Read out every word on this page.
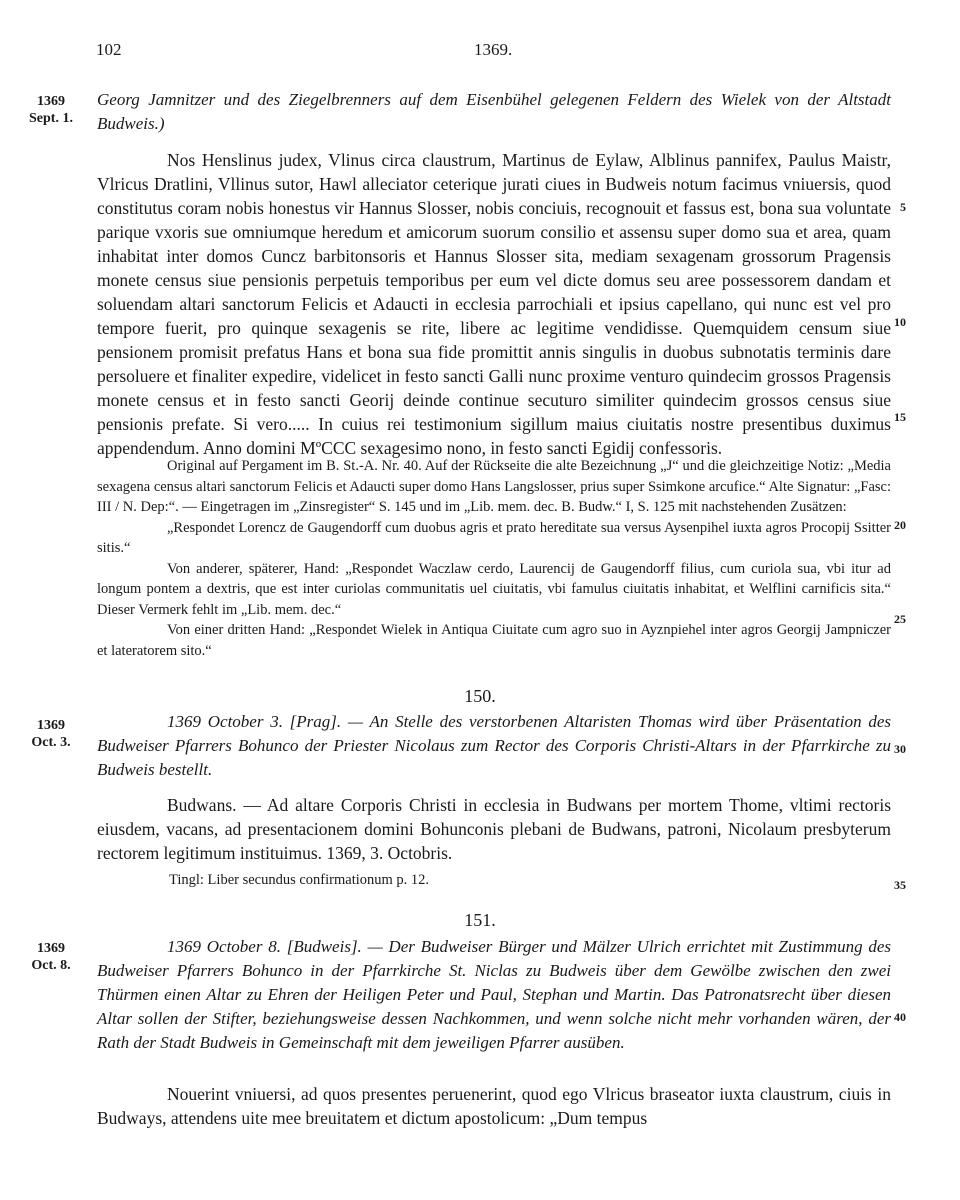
102	1369.
1369
Sept. 1.
1369
Oct. 3.
1369
Oct. 8.
5
10
15
20
25
30
35
40
Georg Jamnitzer und des Ziegelbrenners auf dem Eisenbühel gelegenen Feldern des Wielek von der Altstadt Budweis.)
Nos Henslinus judex, Vlinus circa claustrum, Martinus de Eylaw, Alblinus pannifex, Paulus Maistr, Vlricus Dratlini, Vllinus sutor, Hawl alleciator ceterique jurati ciues in Budweis notum facimus vniuersis, quod constitutus coram nobis honestus vir Hannus Slosser, nobis conciuis, recognouit et fassus est, bona sua voluntate parique vxoris sue omniumque heredum et amicorum suorum consilio et assensu super domo sua et area, quam inhabitat inter domos Cuncz barbitonsoris et Hannus Slosser sita, mediam sexagenam grossorum Pragensis monete census siue pensionis perpetuis temporibus per eum vel dicte domus seu aree possessorem dandam et soluendam altari sanctorum Felicis et Adaucti in ecclesia parrochiali et ipsius capellano, qui nunc est vel pro tempore fuerit, pro quinque sexagenis se rite, libere ac legitime vendidisse. Quemquidem censum siue pensionem promisit prefatus Hans et bona sua fide promittit annis singulis in duobus subnotatis terminis dare persoluere et finaliter expedire, videlicet in festo sancti Galli nunc proxime venturo quindecim grossos Pragensis monete census et in festo sancti Georij deinde continue secuturo similiter quindecim grossos census siue pensionis prefate. Si vero..... In cuius rei testimonium sigillum maius ciuitatis nostre presentibus duximus appendendum. Anno domini MºCCC sexagesimo nono, in festo sancti Egidij confessoris.

Original auf Pergament im B. St.-A. Nr. 40. Auf der Rückseite die alte Bezeichnung „J“ und die gleichzeitige Notiz: „Media sexagena census altari sanctorum Felicis et Adaucti super domo Hans Langslosser, prius super Ssimkone arcufice.“ Alte Signatur: „Fasc: III / N. Dep:“. — Eingetragen im „Zinsregister“ S. 145 und im „Lib. mem. dec. B. Budw.“ I, S. 125 mit nachstehenden Zusätzen:

„Respondet Lorencz de Gaugendorff cum duobus agris et prato hereditate sua versus Aysenpihel iuxta agros Procopij Ssitter sitis.“

Von anderer, späterer, Hand: „Respondet Waczlaw cerdo, Laurencij de Gaugendorff filius, cum curiola sua, vbi itur ad longum pontem a dextris, que est inter curiolas communitatis uel ciuitatis, vbi famulus ciuitatis inhabitat, et Welflini carnificis sita.“ Dieser Vermerk fehlt im „Lib. mem. dec.“

Von einer dritten Hand: „Respondet Wielek in Antiqua Ciuitate cum agro suo in Ayznpiehel inter agros Georgij Jampniczer et lateratorem sito.“

150.
1369 October 3. [Prag]. — An Stelle des verstorbenen Altaristen Thomas wird über Präsentation des Budweiser Pfarrers Bohunco der Priester Nicolaus zum Rector des Corporis Christi-Altars in der Pfarrkirche zu Budweis bestellt.
Budwans. — Ad altare Corporis Christi in ecclesia in Budwans per mortem Thome, vltimi rectoris eiusdem, vacans, ad presentacionem domini Bohunconis plebani de Budwans, patroni, Nicolaum presbyterum rectorem legitimum instituimus. 1369, 3. Octobris.
Tingl: Liber secundus confirmationum p. 12.
151.
1369 October 8. [Budweis]. — Der Budweiser Bürger und Mälzer Ulrich errichtet mit Zustimmung des Budweiser Pfarrers Bohunco in der Pfarrkirche St. Niclas zu Budweis über dem Gewölbe zwischen den zwei Thürmen einen Altar zu Ehren der Heiligen Peter und Paul, Stephan und Martin. Das Patronatsrecht über diesen Altar sollen der Stifter, beziehungsweise dessen Nachkommen, und wenn solche nicht mehr vorhanden wären, der Rath der Stadt Budweis in Gemeinschaft mit dem jeweiligen Pfarrer ausüben.
Nouerint vniuersi, ad quos presentes peruenerint, quod ego Vlricus braseator iuxta claustrum, ciuis in Budways, attendens uite mee breuitatem et dictum apostolicum: „Dum tempus
